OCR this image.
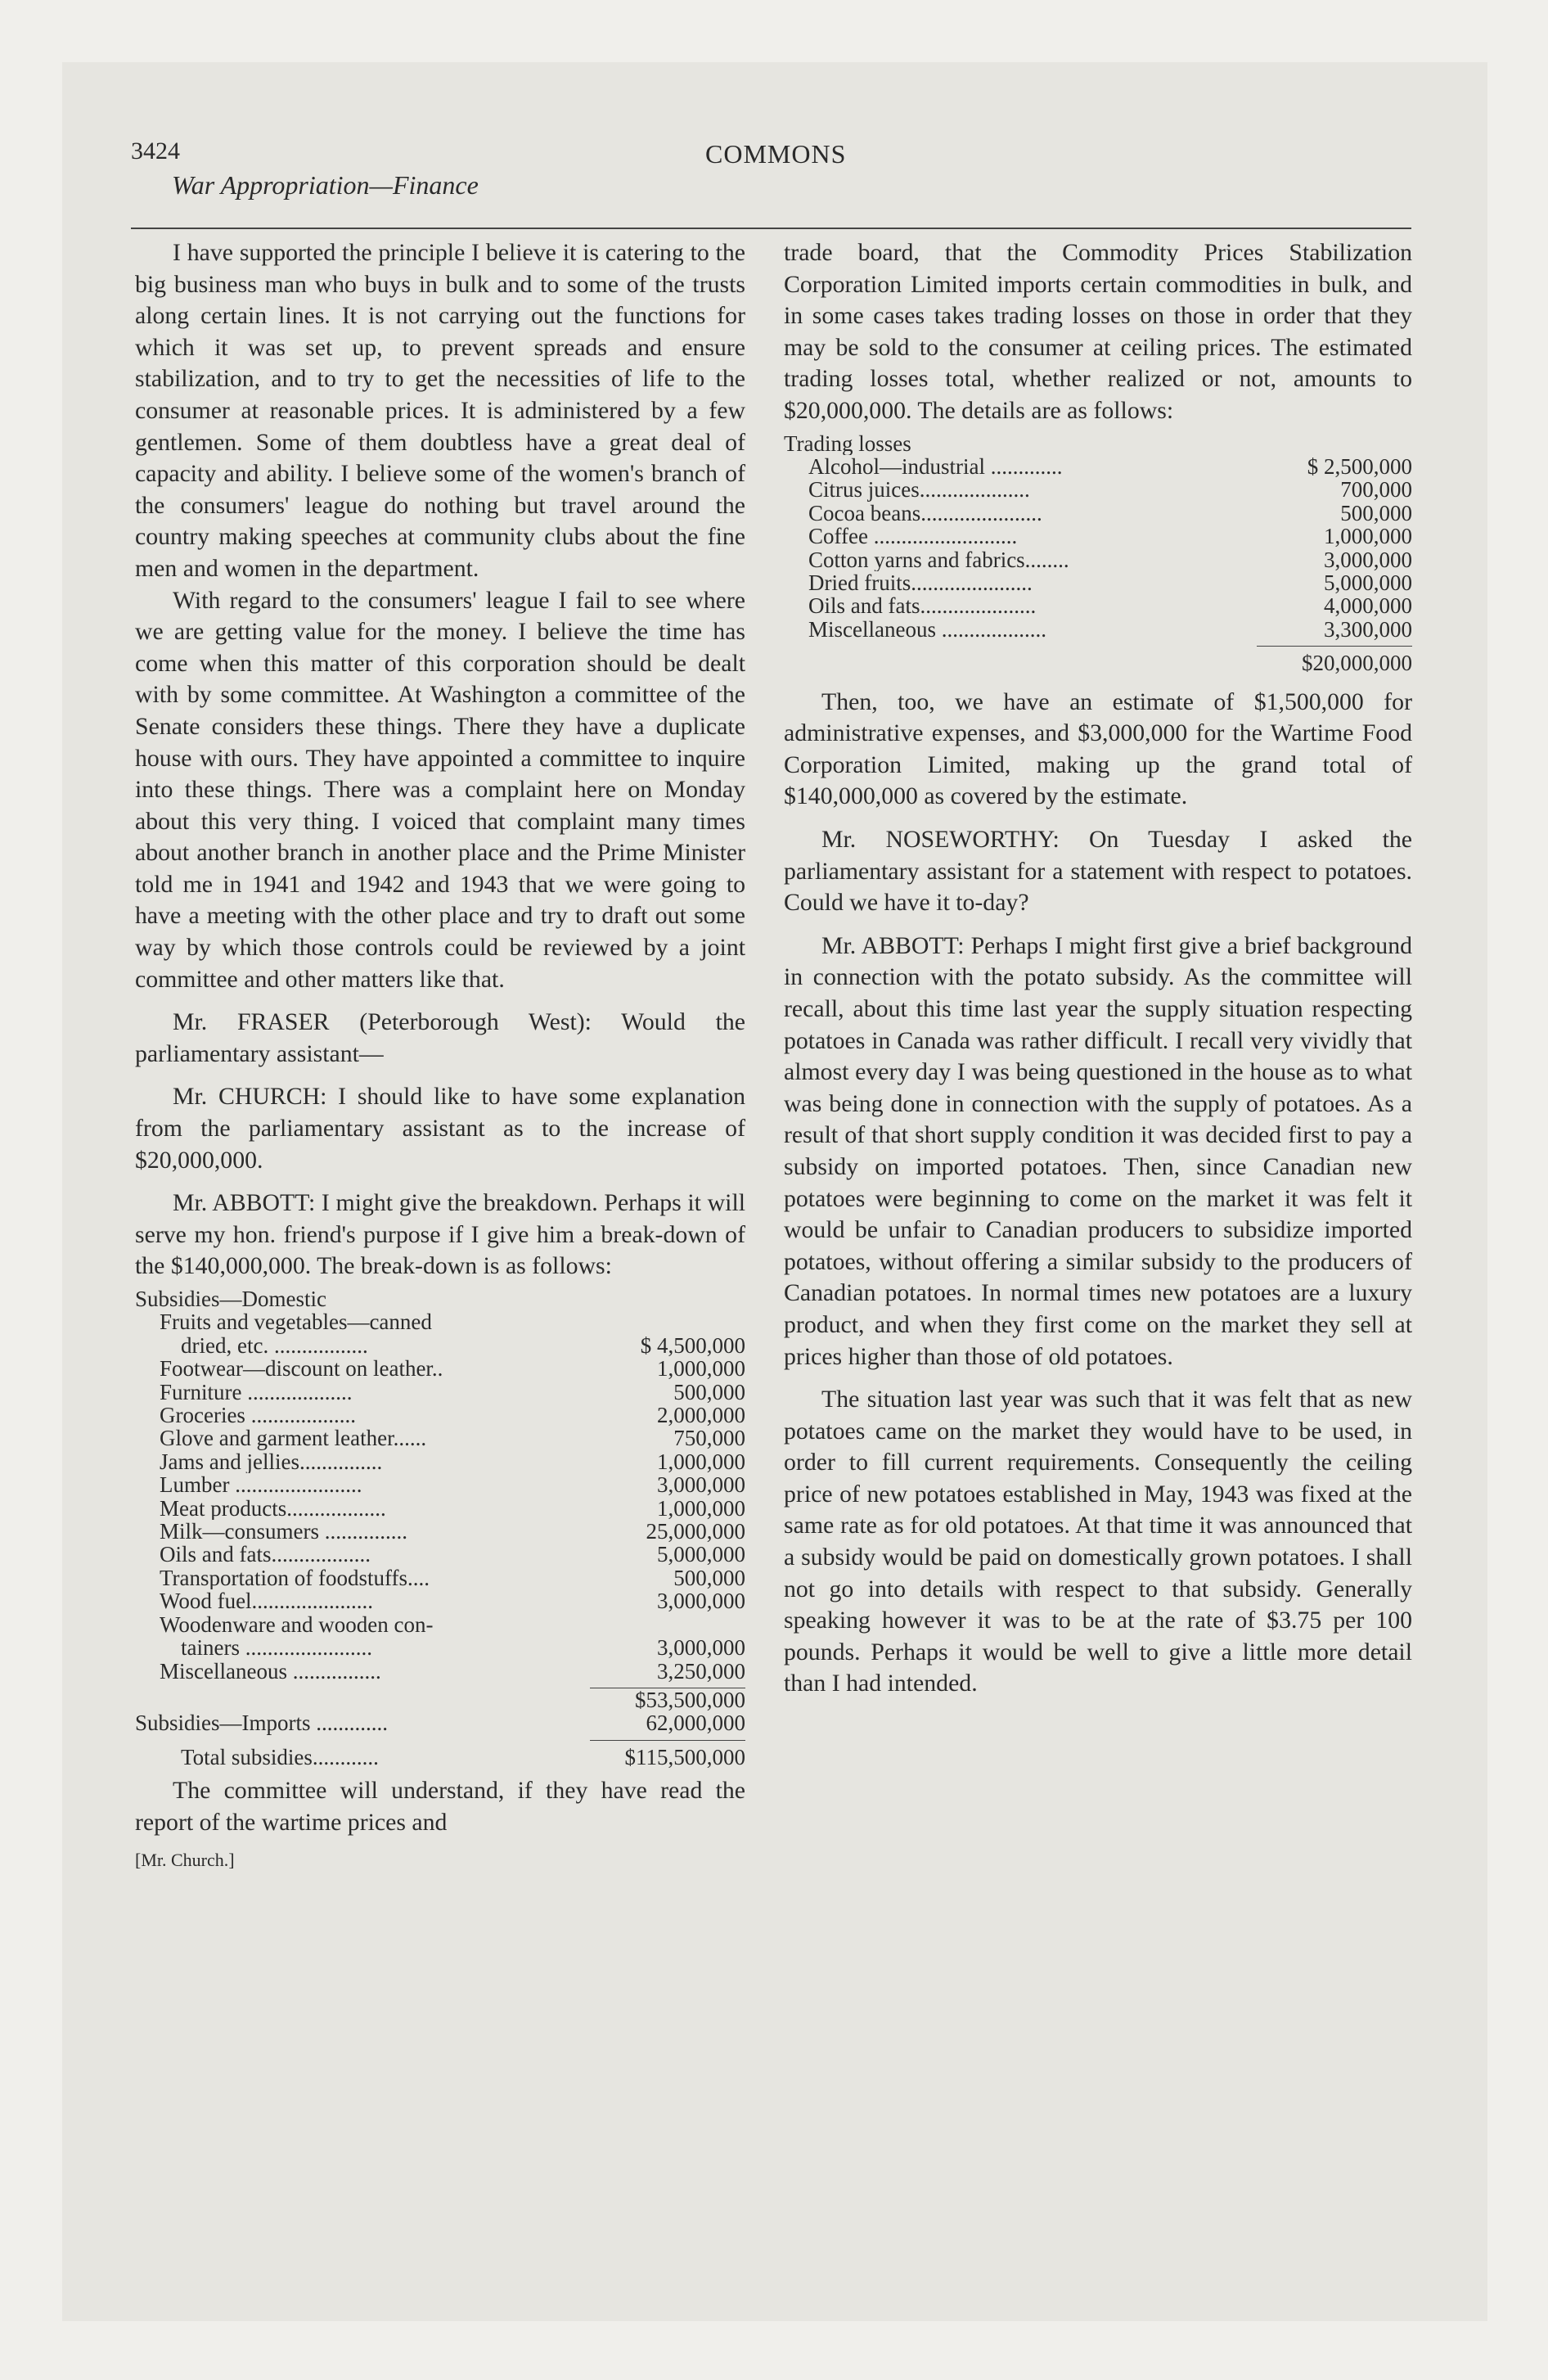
3424
War Appropriation—Finance
COMMONS

I have supported the principle I believe it is catering to the big business man who buys in bulk and to some of the trusts along certain lines. It is not carrying out the functions for which it was set up, to prevent spreads and ensure stabilization, and to try to get the necessities of life to the consumer at reasonable prices. It is administered by a few gentlemen. Some of them doubtless have a great deal of capacity and ability. I believe some of the women's branch of the consumers' league do nothing but travel around the country making speeches at community clubs about the fine men and women in the department.

With regard to the consumers' league I fail to see where we are getting value for the money. I believe the time has come when this matter of this corporation should be dealt with by some committee. At Washington a committee of the Senate considers these things. There they have a duplicate house with ours. They have appointed a committee to inquire into these things. There was a complaint here on Monday about this very thing. I voiced that complaint many times about another branch in another place and the Prime Minister told me in 1941 and 1942 and 1943 that we were going to have a meeting with the other place and try to draft out some way by which those controls could be reviewed by a joint committee and other matters like that.

Mr. FRASER (Peterborough West): Would the parliamentary assistant—

Mr. CHURCH: I should like to have some explanation from the parliamentary assistant as to the increase of $20,000,000.

Mr. ABBOTT: I might give the breakdown. Perhaps it will serve my hon. friend's purpose if I give him a break-down of the $140,000,000. The break-down is as follows:

Subsidies—Domestic
Fruits and vegetables—canned
dried, etc. .................	$ 4,500,000
Footwear—discount on leather..	1,000,000
Furniture ...................	500,000
Groceries ...................	2,000,000
Glove and garment leather......	750,000
Jams and jellies...............	1,000,000
Lumber .......................	3,000,000
Meat products..................	1,000,000
Milk—consumers ...............	25,000,000
Oils and fats..................	5,000,000
Transportation of foodstuffs....	500,000
Wood fuel......................	3,000,000
Woodenware and wooden con-
tainers .......................	3,000,000
Miscellaneous ................	3,250,000
$53,500,000
Subsidies—Imports .............	62,000,000
Total subsidies............	$115,500,000

The committee will understand, if they have read the report of the wartime prices and

[Mr. Church.]

trade board, that the Commodity Prices Stabilization Corporation Limited imports certain commodities in bulk, and in some cases takes trading losses on those in order that they may be sold to the consumer at ceiling prices. The estimated trading losses total, whether realized or not, amounts to $20,000,000. The details are as follows:

Trading losses
Alcohol—industrial .............	$ 2,500,000
Citrus juices....................	700,000
Cocoa beans......................	500,000
Coffee ..........................	1,000,000
Cotton yarns and fabrics........	3,000,000
Dried fruits......................	5,000,000
Oils and fats.....................	4,000,000
Miscellaneous ...................	3,300,000
$20,000,000

Then, too, we have an estimate of $1,500,000 for administrative expenses, and $3,000,000 for the Wartime Food Corporation Limited, making up the grand total of $140,000,000 as covered by the estimate.

Mr. NOSEWORTHY: On Tuesday I asked the parliamentary assistant for a statement with respect to potatoes. Could we have it to-day?

Mr. ABBOTT: Perhaps I might first give a brief background in connection with the potato subsidy. As the committee will recall, about this time last year the supply situation respecting potatoes in Canada was rather difficult. I recall very vividly that almost every day I was being questioned in the house as to what was being done in connection with the supply of potatoes. As a result of that short supply condition it was decided first to pay a subsidy on imported potatoes. Then, since Canadian new potatoes were beginning to come on the market it was felt it would be unfair to Canadian producers to subsidize imported potatoes, without offering a similar subsidy to the producers of Canadian potatoes. In normal times new potatoes are a luxury product, and when they first come on the market they sell at prices higher than those of old potatoes.

The situation last year was such that it was felt that as new potatoes came on the market they would have to be used, in order to fill current requirements. Consequently the ceiling price of new potatoes established in May, 1943 was fixed at the same rate as for old potatoes. At that time it was announced that a subsidy would be paid on domestically grown potatoes. I shall not go into details with respect to that subsidy. Generally speaking however it was to be at the rate of $3.75 per 100 pounds. Perhaps it would be well to give a little more detail than I had intended.
